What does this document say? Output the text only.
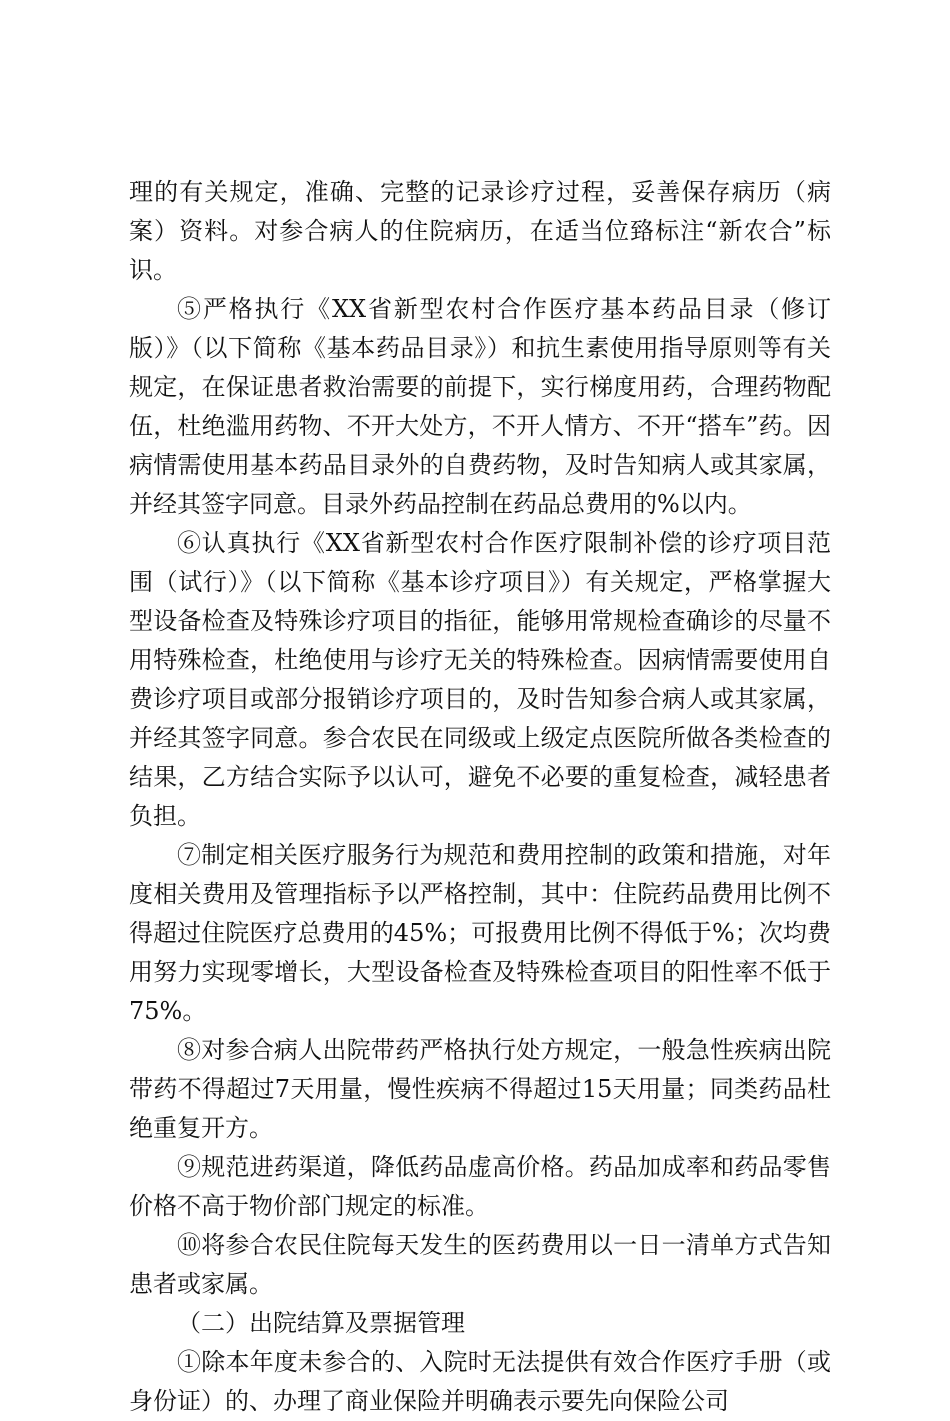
理的有关规定，准确、完整的记录诊疗过程，妥善保存病历（病案）资料。对参合病人的住院病历，在适当位臵标注“新农合”标识。

⑤严格执行《XX省新型农村合作医疗基本药品目录（修订版）》（以下简称《基本药品目录》）和抗生素使用指导原则等有关规定，在保证患者救治需要的前提下，实行梯度用药，合理药物配伍，杜绝滥用药物、不开大处方，不开人情方、不开“搭车”药。因病情需使用基本药品目录外的自费药物，及时告知病人或其家属，并经其签字同意。目录外药品控制在药品总费用的%以内。

⑥认真执行《XX省新型农村合作医疗限制补偿的诊疗项目范围（试行）》（以下简称《基本诊疗项目》）有关规定，严格掌握大型设备检查及特殊诊疗项目的指征，能够用常规检查确诊的尽量不用特殊检查，杜绝使用与诊疗无关的特殊检查。因病情需要使用自费诊疗项目或部分报销诊疗项目的，及时告知参合病人或其家属，并经其签字同意。参合农民在同级或上级定点医院所做各类检查的结果，乙方结合实际予以认可，避免不必要的重复检查，减轻患者负担。

⑦制定相关医疗服务行为规范和费用控制的政策和措施，对年度相关费用及管理指标予以严格控制，其中：住院药品费用比例不得超过住院医疗总费用的45%；可报费用比例不得低于%；次均费用努力实现零增长，大型设备检查及特殊检查项目的阳性率不低于75%。

⑧对参合病人出院带药严格执行处方规定，一般急性疾病出院带药不得超过7天用量，慢性疾病不得超过15天用量；同类药品杜绝重复开方。

⑨规范进药渠道，降低药品虚高价格。药品加成率和药品零售价格不高于物价部门规定的标准。

⑩将参合农民住院每天发生的医药费用以一日一清单方式告知患者或家属。

（二）出院结算及票据管理

①除本年度未参合的、入院时无法提供有效合作医疗手册（或身份证）的、办理了商业保险并明确表示要先向保险公司
